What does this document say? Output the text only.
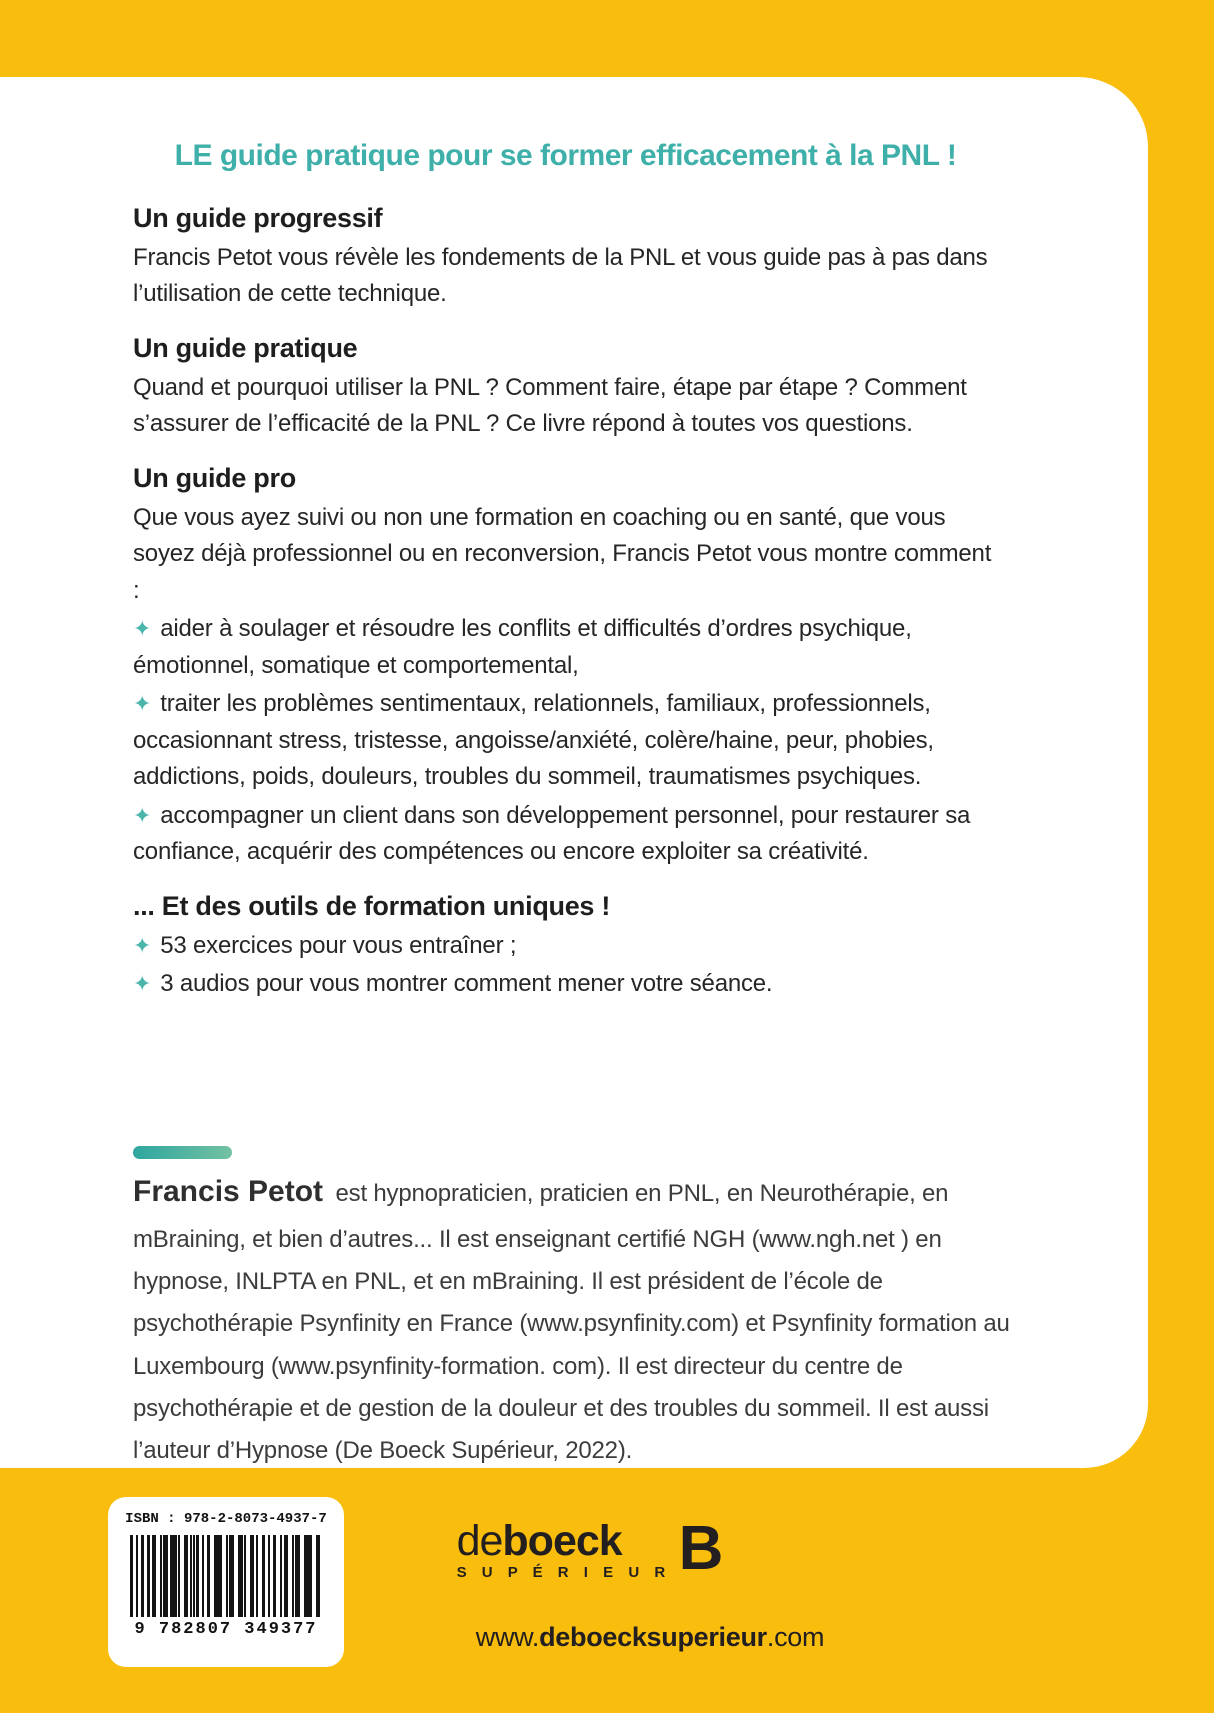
LE guide pratique pour se former efficacement à la PNL !
Un guide progressif

Francis Petot vous révèle les fondements de la PNL et vous guide pas à pas dans l’utilisation de cette technique.

Un guide pratique

Quand et pourquoi utiliser la PNL ? Comment faire, étape par étape ? Comment s’assurer de l’efficacité de la PNL ? Ce livre répond à toutes vos questions.

Un guide pro

Que vous ayez suivi ou non une formation en coaching ou en santé, que vous soyez déjà professionnel ou en reconversion, Francis Petot vous montre comment :

✦ aider à soulager et résoudre les conflits et difficultés d’ordres psychique, émotionnel, somatique et comportemental,

✦ traiter les problèmes sentimentaux, relationnels, familiaux, professionnels, occasionnant stress, tristesse, angoisse/anxiété, colère/haine, peur, phobies, addictions, poids, douleurs, troubles du sommeil, traumatismes psychiques.

✦ accompagner un client dans son développement personnel, pour restaurer sa confiance, acquérir des compétences ou encore exploiter sa créativité.

... Et des outils de formation uniques !

✦ 53 exercices pour vous entraîner ;

✦ 3 audios pour vous montrer comment mener votre séance.

Francis Petot est hypnopraticien, praticien en PNL, en Neurothérapie, en mBraining, et bien d’autres... Il est enseignant certifié NGH (www.ngh.net ) en hypnose, INLPTA en PNL, et en mBraining. Il est président de l’école de psychothérapie Psynfinity en France (www.psynfinity.com) et Psynfinity formation au Luxembourg (www.psynfinity-formation. com). Il est directeur du centre de psychothérapie et de gestion de la douleur et des troubles du sommeil. Il est aussi l’auteur d’Hypnose (De Boeck Supérieur, 2022).

ISBN : 978-2-8073-4937-7
9 782807 349377
deboeck
S U P É R I E U R B
www.deboecksuperieur.com
